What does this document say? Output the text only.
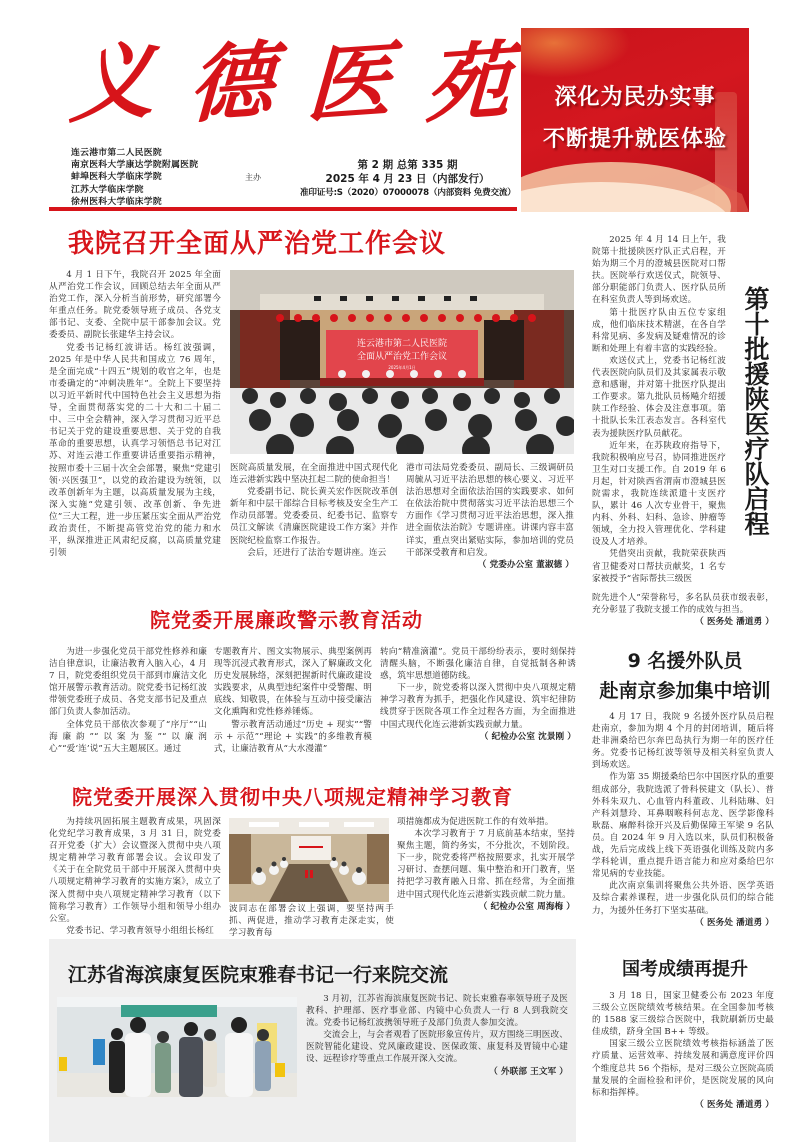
义 德 医 苑
连云港市第二人民医院
南京医科大学康达学院附属医院
蚌埠医科大学临床学院
江苏大学临床学院
徐州医科大学临床学院
主办
第 2 期 总第 335 期
2025 年 4 月 23 日（内部发行）
准印证号:S（2020）07000078（内部资料 免费交流）
深化为民办实事
不断提升就医体验
我院召开全面从严治党工作会议

4 月 1 日下午，我院召开 2025 年全面从严治党工作会议，回顾总结去年全面从严治党工作，深入分析当前形势，研究部署今年重点任务。院党委领导班子成员、各党支部书记、支委、全院中层干部参加会议。党委委员、副院长张建华主持会议。

党委书记杨红波讲话。杨红波强调，2025 年是中华人民共和国成立 76 周年，是全面完成“十四五”规划的收官之年，也是市委确定的“冲刺决胜年”。全院上下要坚持以习近平新时代中国特色社会主义思想为指导，全面贯彻落实党的二十大和二十届二中、三中全会精神，深入学习贯彻习近平总书记关于党的建设重要思想、关于党的自我革命的重要思想，认真学习领悟总书记对江苏、对连云港工作重要讲话重要指示精神，按照市委十三届十次全会部署，聚焦“党建引领·兴医强卫”，以党的政治建设为统领，以改革创新年为主题，以高质量发展为主线，深入实施“党建引领、改革创新、争先进位”三大工程，进一步压紧压实全面从严治党政治责任，不断提高管党治党的能力和水平，纵深推进正风肃纪反腐，以高质量党建引领

连云港市第二人民医院
全面从严治党工作会议
2025年4月1日

医院高质量发展，在全面推进中国式现代化连云港新实践中坚决扛起二院的使命担当！

党委副书记、院长黄关宏作医院改革创新年和中层干部综合目标考核及安全生产工作动员部署。党委委员、纪委书记、监察专员江文解读《清廉医院建设工作方案》并作医院纪检监察工作报告。

会后，还进行了法治专题讲座。连云

港市司法局党委委员、副局长、三级调研员周毓从习近平法治思想的核心要义、习近平法治思想对全面依法治国的实践要求、如何在依法治院中贯彻落实习近平法治思想三个方面作《学习贯彻习近平法治思想，深入推进全面依法治院》专题讲座。讲课内容丰富详实，重点突出紧贴实际，参加培训的党员干部深受教育和启发。

（ 党委办公室 董淑德 ）

2025 年 4 月 14 日上午，我院第十批援陕医疗队正式启程，开始为期三个月的澄城县医院对口帮扶。医院举行欢送仪式，院领导、部分职能部门负责人、医疗队员所在科室负责人等到场欢送。

第十批医疗队由五位专家组成，他们临床技术精湛，在各自学科常见病、多发病及疑难情况的诊断和处理上有着丰富的实践经验。

欢送仪式上，党委书记杨红波代表医院向队员们及其家属表示敬意和感谢，并对第十批医疗队提出工作要求。第九批队员杨飚介绍援陕工作经验、体会及注意事项。第十批队长朱江表态发言。各科室代表为援陕医疗队员献花。

近年来，在苏陕政府指导下，我院积极响应号召，协同推进医疗卫生对口支援工作。自 2019 年 6 月起，针对陕西省渭南市澄城县医院需求，我院连续派遣十支医疗队，累计 46 人次专业骨干，聚焦内科、外科、妇科、急诊、肿瘤等领域，全力投入管理优化、学科建设及人才培养。

凭借突出贡献，我院荣获陕西省卫健委对口帮扶贡献奖，1 名专家被授予“省际帮扶三级医

第十批援陕医疗队启程

院先进个人”荣誉称号，多名队员获市级表彰，充分彰显了我院支援工作的成效与担当。

（ 医务处 潘道勇 ）
院党委开展廉政警示教育活动

为进一步强化党员干部党性修养和廉洁自律意识，让廉洁教育入脑入心，4 月 7 日，院党委组织党员干部到市廉洁文化馆开展警示教育活动。院党委书记杨红波带领党委班子成员、各党支部书记及重点部门负责人参加活动。

全体党员干部依次参观了“序厅”“山海廉韵”“以案为鉴”“以廉润心”“爱‘连’说”五大主题展区。通过

专题教育片、图文实物展示、典型案例再现等沉浸式教育形式，深入了解廉政文化历史发展脉络，深刻把握新时代廉政建设实践要求，从典型违纪案件中受警醒、明底线、知敬畏，在体验与互动中接受廉洁文化熏陶和党性修养锤炼。

警示教育活动通过“历史 + 现实”“警示 + 示范”“理论 + 实践”的多维教育模式，让廉洁教育从“大水漫灌”

转向“精准滴灌”。党员干部纷纷表示，要时刻保持清醒头脑，不断强化廉洁自律，自觉抵制各种诱惑，筑牢思想道德防线。

下一步，院党委将以深入贯彻中央八项规定精神学习教育为抓手，把强化作风建设、筑牢纪律防线贯穿于医院各项工作全过程各方面，为全面推进中国式现代化连云港新实践贡献力量。

（ 纪检办公室 沈景刚 ）
9 名援外队员
赴南京参加集中培训

4 月 17 日，我院 9 名援外医疗队员启程赴南京，参加为期 4 个月的封闭培训，随后将赴非洲桑给巴尔奔巴岛执行为期一年的医疗任务。党委书记杨红波等领导及相关科室负责人到场欢送。

作为第 35 期援桑给巴尔中国医疗队的重要组成部分，我院选派了骨科侯建文（队长）、普外科朱双九、心血管内科董政、儿科陆琳、妇产科刘慧玲、耳鼻咽喉科何志龙、医学影像科耿磊、麻醉科徐开兴及后勤保障王军梁 9 名队员。自 2024 年 9 月入选以来，队员们积极备战，先后完成线上线下英语强化训练及院内多学科轮训，重点提升语言能力和应对桑给巴尔常见病的专业技能。

此次南京集训将聚焦公共外语、医学英语及综合素养课程，进一步强化队员们的综合能力，为援外任务打下坚实基础。

（ 医务处 潘道勇 ）
院党委开展深入贯彻中央八项规定精神学习教育

为持续巩固拓展主题教育成果，巩固深化党纪学习教育成果，3 月 31 日，院党委召开党委（扩大）会议暨深入贯彻中央八项规定精神学习教育部署会议。会议印发了《关于在全院党员干部中开展深入贯彻中央八项规定精神学习教育的实施方案》，成立了深入贯彻中央八项规定精神学习教育（以下简称学习教育）工作领导小组和领导小组办公室。

党委书记、学习教育领导小组组长杨红

波同志在部署会议上强调，要坚持两手抓、两促进，推动学习教育走深走实，使学习教育每

项措施都成为促进医院工作的有效举措。

本次学习教育于 7 月底前基本结束，坚持聚焦主题，简约务实，不分批次，不划阶段。下一步，院党委将严格按照要求，扎实开展学习研讨、查摆问题、集中整治和开门教育，坚持把学习教育融入日常、抓在经常，为全面推进中国式现代化连云港新实践贡献二院力量。

（ 纪检办公室 周海梅 ）
国考成绩再提升

3 月 18 日，国家卫健委公布 2023 年度三级公立医院绩效考核结果。在全国参加考核的 1588 家三级综合医院中，我院刷新历史最佳成绩，跻身全国 B++ 等级。

国家三级公立医院绩效考核指标涵盖了医疗质量、运营效率、持续发展和满意度评价四个维度总共 56 个指标，是对三级公立医院高质量发展的全面检验和评价，是医院发展的风向标和指挥棒。

（ 医务处 潘道勇 ）
江苏省海滨康复医院束雅春书记一行来院交流

3 月初，江苏省海滨康复医院书记、院长束雅春率领导班子及医教科、护理部、医疗事业部、内镜中心负责人一行 8 人到我院交流。党委书记杨红波携领导班子及部门负责人参加交流。

交流会上，与会者观看了医院形象宣传片，双方围绕三明医改、医院智能化建设、党风廉政建设、医保政策、康复科及胃镜中心建设、远程诊疗等重点工作展开深入交流。

（ 外联部 王文军 ）
